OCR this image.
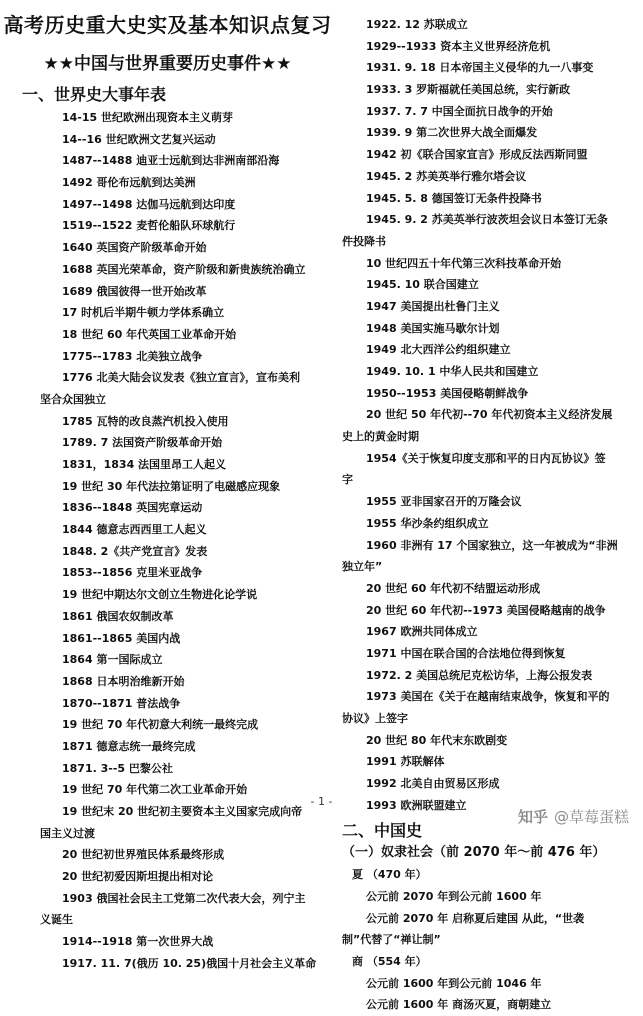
高考历史重大史实及基本知识点复习
★★中国与世界重要历史事件★★
一、世界史大事年表
14-15 世纪欧洲出现资本主义萌芽
14--16 世纪欧洲文艺复兴运动
1487--1488 迪亚士远航到达非洲南部沿海
1492 哥伦布远航到达美洲
1497--1498 达伽马远航到达印度
1519--1522 麦哲伦船队环球航行
1640 英国资产阶级革命开始
1688 英国光荣革命，资产阶级和新贵族统治确立
1689 俄国彼得一世开始改革
17 时机后半期牛顿力学体系确立
18 世纪 60 年代英国工业革命开始
1775--1783 北美独立战争
1776 北美大陆会议发表《独立宣言》，宣布美利
坚合众国独立
1785 瓦特的改良蒸汽机投入使用
1789. 7 法国资产阶级革命开始
1831，1834 法国里昂工人起义
19 世纪 30 年代法拉第证明了电磁感应现象
1836--1848 英国宪章运动
1844 德意志西西里工人起义
1848. 2《共产党宣言》发表
1853--1856 克里米亚战争
19 世纪中期达尔文创立生物进化论学说
1861 俄国农奴制改革
1861--1865 美国内战
1864 第一国际成立
1868 日本明治维新开始
1870--1871 普法战争
19 世纪 70 年代初意大利统一最终完成
1871 德意志统一最终完成
1871. 3--5 巴黎公社
19 世纪 70 年代第二次工业革命开始
19 世纪末 20 世纪初主要资本主义国家完成向帝
国主义过渡
20 世纪初世界殖民体系最终形成
20 世纪初爱因斯坦提出相对论
1903 俄国社会民主工党第二次代表大会，列宁主
义诞生
1914--1918 第一次世界大战
1917. 11. 7(俄历 10. 25)俄国十月社会主义革命
1922. 12 苏联成立
1929--1933 资本主义世界经济危机
1931. 9. 18 日本帝国主义侵华的九一八事变
1933. 3 罗斯福就任美国总统，实行新政
1937. 7. 7 中国全面抗日战争的开始
1939. 9 第二次世界大战全面爆发
1942 初《联合国家宣言》形成反法西斯同盟
1945. 2 苏美英举行雅尔塔会议
1945. 5. 8 德国签订无条件投降书
1945. 9. 2 苏美英举行波茨坦会议日本签订无条
件投降书
10 世纪四五十年代第三次科技革命开始
1945. 10 联合国建立
1947 美国提出杜鲁门主义
1948 美国实施马歇尔计划
1949 北大西洋公约组织建立
1949. 10. 1 中华人民共和国建立
1950--1953 美国侵略朝鲜战争
20 世纪 50 年代初--70 年代初资本主义经济发展
史上的黄金时期
1954《关于恢复印度支那和平的日内瓦协议》签
字
1955 亚非国家召开的万隆会议
1955 华沙条约组织成立
1960 非洲有 17 个国家独立，这一年被成为“非洲
独立年”
20 世纪 60 年代初不结盟运动形成
20 世纪 60 年代初--1973 美国侵略越南的战争
1967 欧洲共同体成立
1971 中国在联合国的合法地位得到恢复
1972. 2 美国总统尼克松访华，上海公报发表
1973 美国在《关于在越南结束战争，恢复和平的
协议》上签字
20 世纪 80 年代末东欧剧变
1991 苏联解体
1992 北美自由贸易区形成
1993 欧洲联盟建立
二、中国史
（一）奴隶社会（前 2070 年～前 476 年）
夏 （470 年）
公元前 2070 年到公元前 1600 年
公元前 2070 年 启称夏后建国 从此，“世袭
制”代替了“禅让制”
商 （554 年）
公元前 1600 年到公元前 1046 年
公元前 1600 年 商汤灭夏，商朝建立
- 1 -
知乎 @草莓蛋糕
